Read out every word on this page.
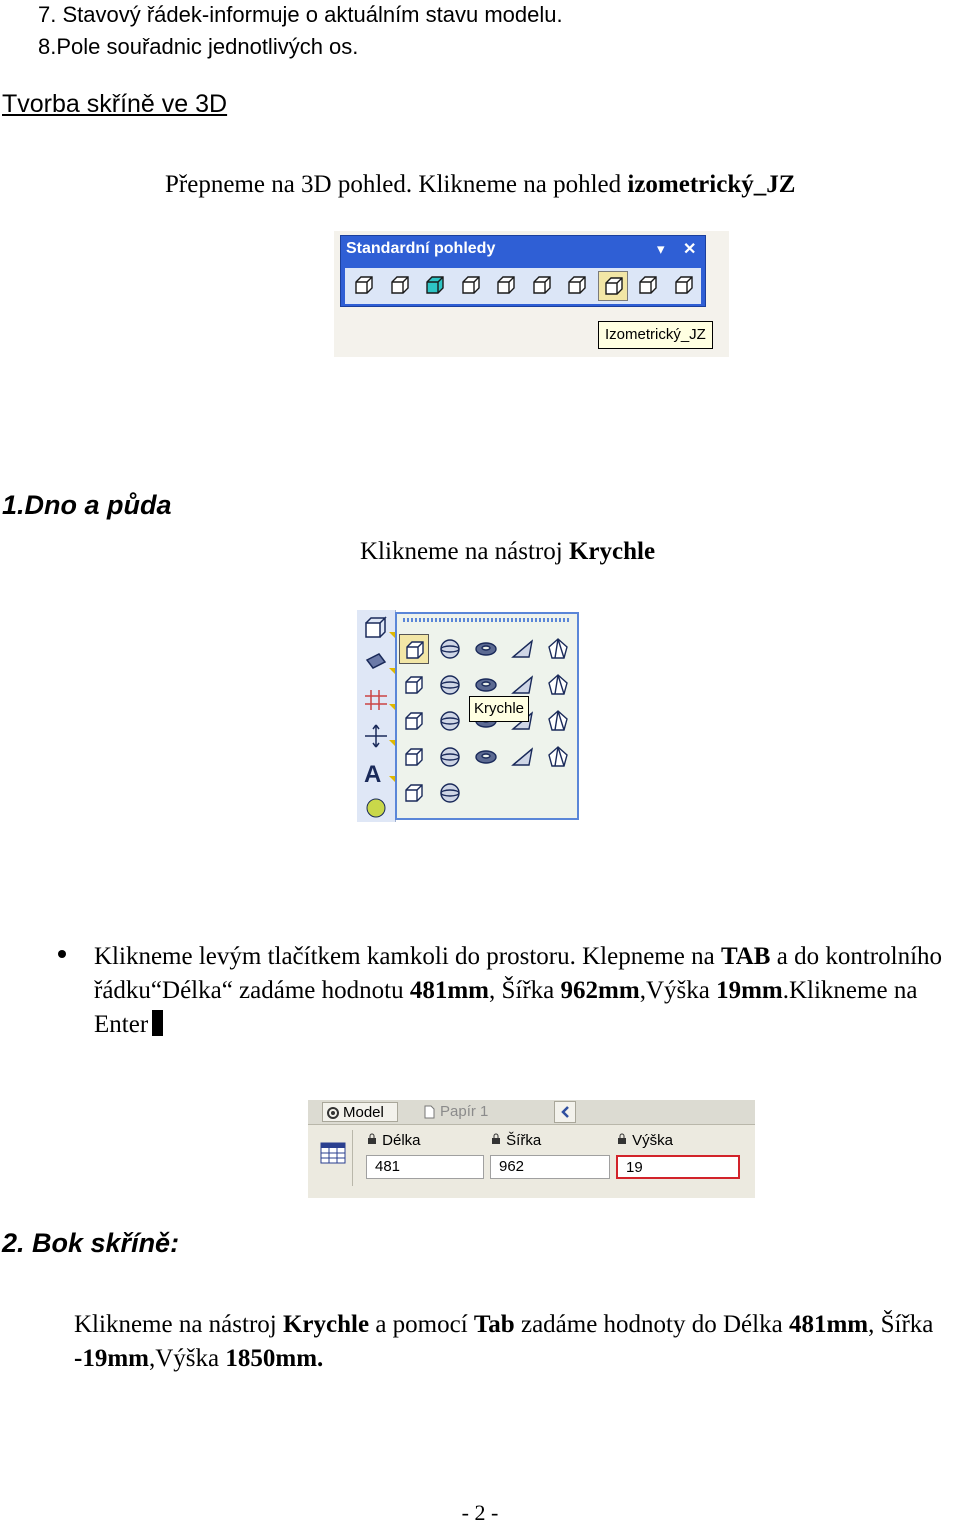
7. Stavový řádek-informuje o aktuálním stavu modelu.
8.Pole souřadnic jednotlivých os.
Tvorba skříně ve 3D
Přepneme na 3D pohled. Klikneme na pohled izometrický_JZ
Standardní pohledy	▾ ✕
Izometrický_JZ
1.Dno a půda
Klikneme na nástroj Krychle
A
Krychle
Klikneme levým tlačítkem kamkoli do prostoru. Klepneme na TAB a do kontrolního řádku“Délka“ zadáme hodnotu 481mm, Šířka 962mm,Výška 19mm.Klikneme na Enter
Model	Papír 1
Délka
481
Šířka
962
Výška
19
2. Bok skříně:
Klikneme na nástroj Krychle a pomocí Tab zadáme hodnoty do Délka 481mm, Šířka -19mm,Výška 1850mm.
- 2 -
